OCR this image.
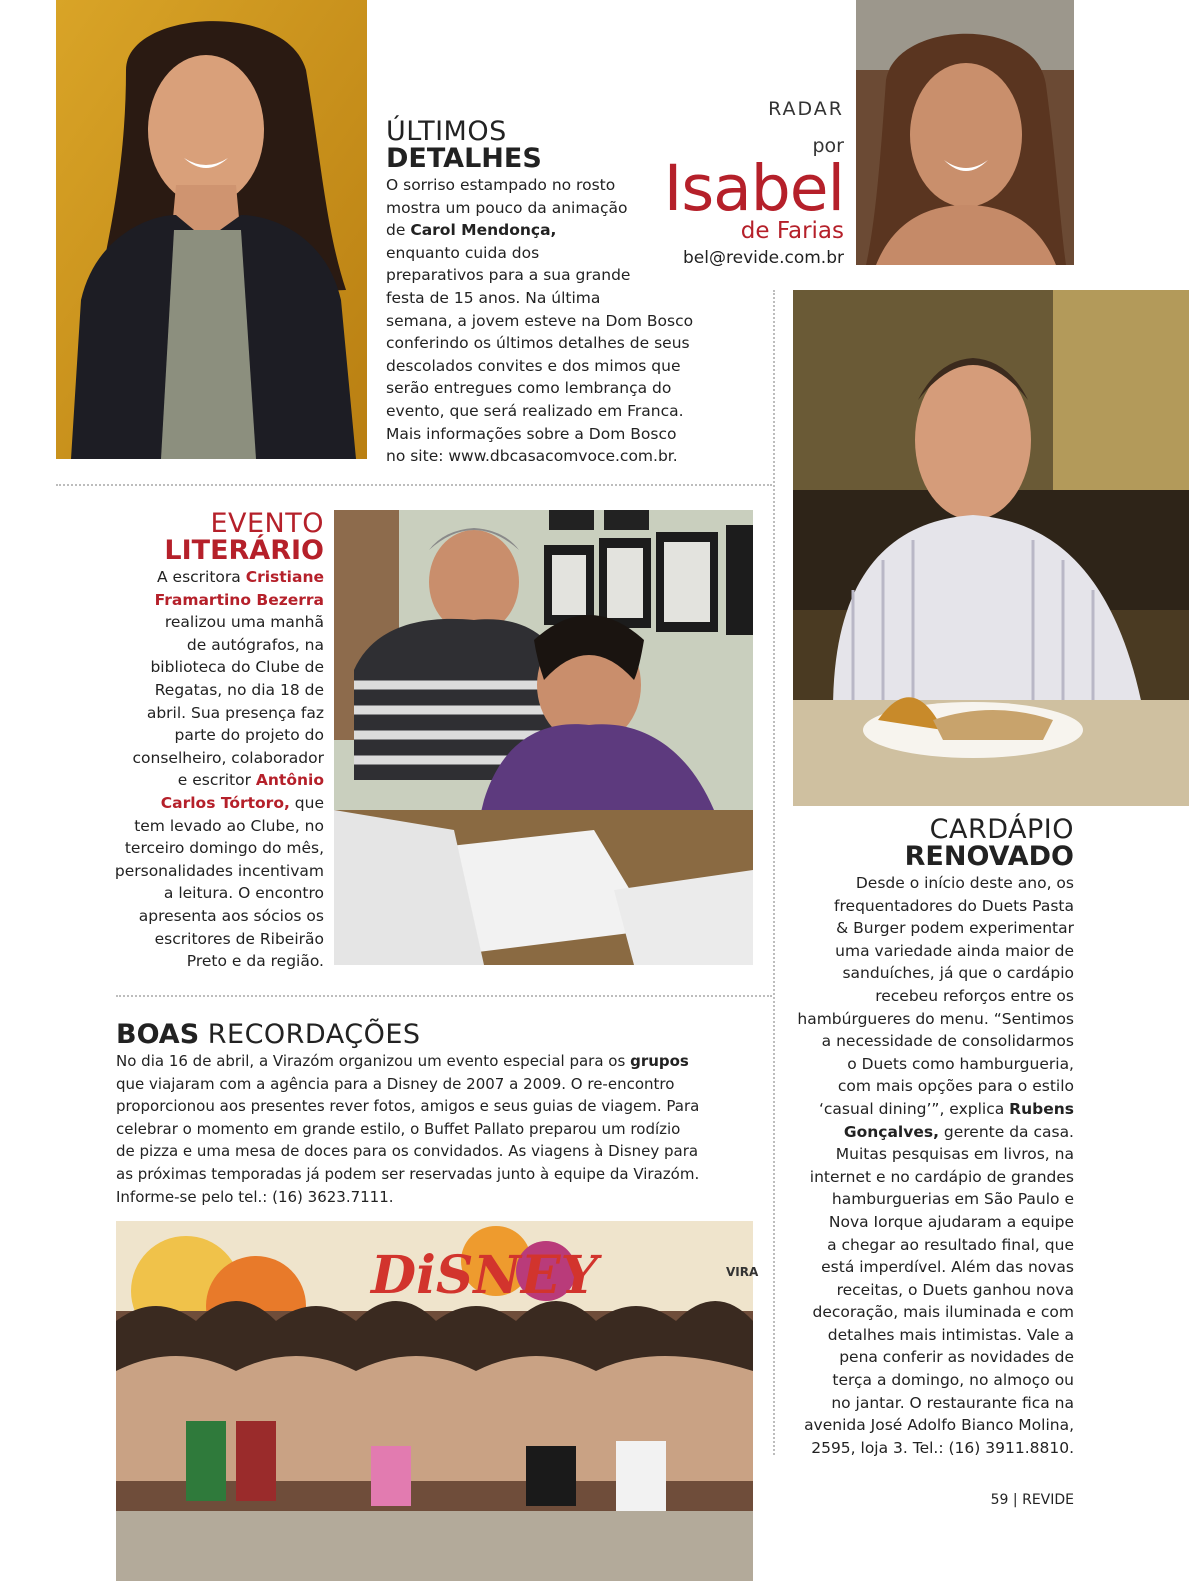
RADAR
por
Isabel
de Farias
bel@revide.com.br
ÚLTIMOS
DETALHES
O sorriso estampado no rosto
mostra um pouco da animação
de Carol Mendonça,
enquanto cuida dos
preparativos para a sua grande
festa de 15 anos. Na última
semana, a jovem esteve na Dom Bosco
conferindo os últimos detalhes de seus
descolados convites e dos mimos que
serão entregues como lembrança do
evento, que será realizado em Franca.
Mais informações sobre a Dom Bosco
no site: www.dbcasacomvoce.com.br.
EVENTO
LITERÁRIO
A escritora Cristiane
Framartino Bezerra
realizou uma manhã
de autógrafos, na
biblioteca do Clube de
Regatas, no dia 18 de
abril. Sua presença faz
parte do projeto do
conselheiro, colaborador
e escritor Antônio
Carlos Tórtoro, que
tem levado ao Clube, no
terceiro domingo do mês,
personalidades incentivam
a leitura. O encontro
apresenta aos sócios os
escritores de Ribeirão
Preto e da região.
CARDÁPIO
RENOVADO
Desde o início deste ano, os
frequentadores do Duets Pasta
& Burger podem experimentar
uma variedade ainda maior de
sanduíches, já que o cardápio
recebeu reforços entre os
hambúrgueres do menu. “Sentimos
a necessidade de consolidarmos
o Duets como hamburgueria,
com mais opções para o estilo
‘casual dining’”, explica Rubens
Gonçalves, gerente da casa.
Muitas pesquisas em livros, na
internet e no cardápio de grandes
hamburguerias em São Paulo e
Nova Iorque ajudaram a equipe
a chegar ao resultado final, que
está imperdível. Além das novas
receitas, o Duets ganhou nova
decoração, mais iluminada e com
detalhes mais intimistas. Vale a
pena conferir as novidades de
terça a domingo, no almoço ou
no jantar. O restaurante fica na
avenida José Adolfo Bianco Molina,
2595, loja 3. Tel.: (16) 3911.8810.
BOAS RECORDAÇÕES
No dia 16 de abril, a Virazóm organizou um evento especial para os grupos
que viajaram com a agência para a Disney de 2007 a 2009. O re-encontro
proporcionou aos presentes rever fotos, amigos e seus guias de viagem. Para
celebrar o momento em grande estilo, o Buffet Pallato preparou um rodízio
de pizza e uma mesa de doces para os convidados. As viagens à Disney para
as próximas temporadas já podem ser reservadas junto à equipe da Virazóm.
Informe-se pelo tel.: (16) 3623.7111.
DiSNEY	VIRA
59 | REVIDE
